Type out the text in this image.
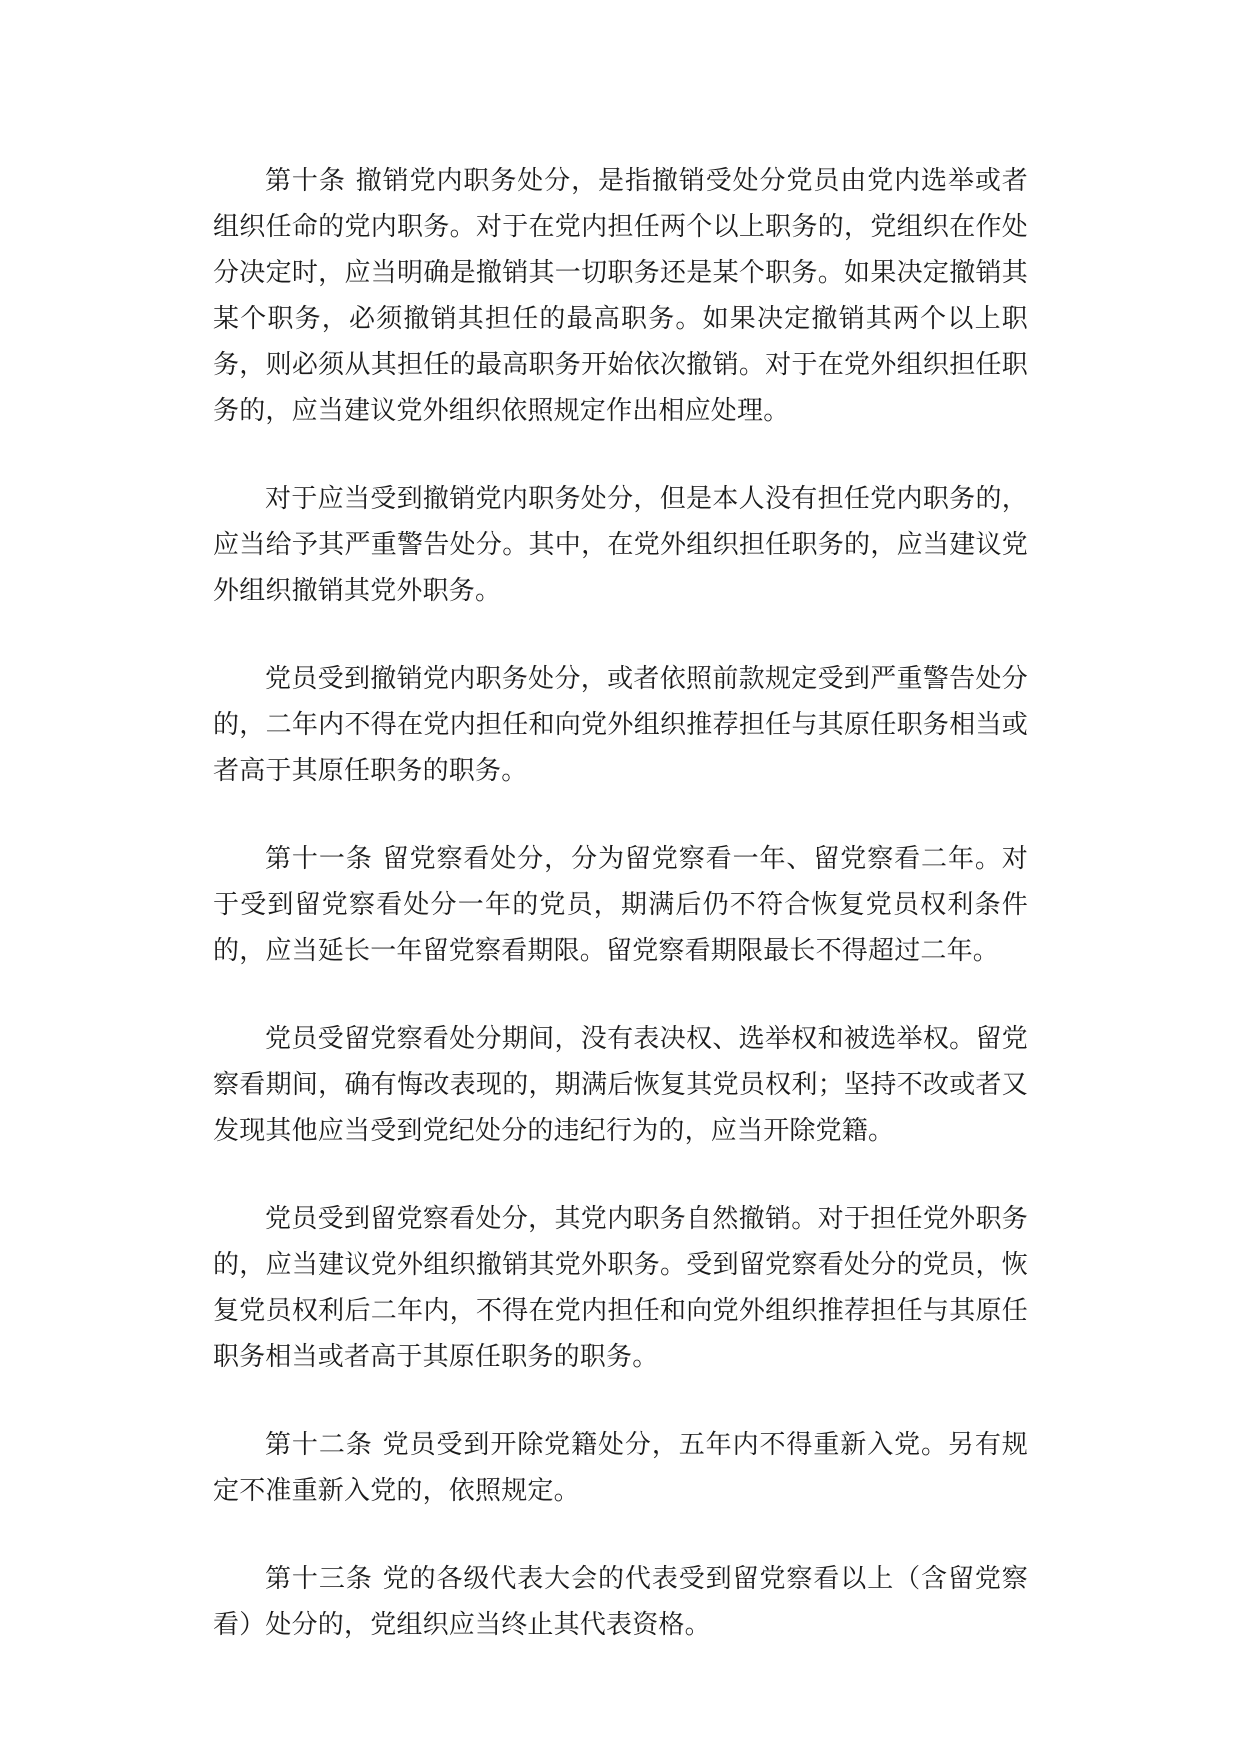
第十条 撤销党内职务处分，是指撤销受处分党员由党内选举或者组织任命的党内职务。对于在党内担任两个以上职务的，党组织在作处分决定时，应当明确是撤销其一切职务还是某个职务。如果决定撤销其某个职务，必须撤销其担任的最高职务。如果决定撤销其两个以上职务，则必须从其担任的最高职务开始依次撤销。对于在党外组织担任职务的，应当建议党外组织依照规定作出相应处理。

对于应当受到撤销党内职务处分，但是本人没有担任党内职务的，应当给予其严重警告处分。其中，在党外组织担任职务的，应当建议党外组织撤销其党外职务。

党员受到撤销党内职务处分，或者依照前款规定受到严重警告处分的，二年内不得在党内担任和向党外组织推荐担任与其原任职务相当或者高于其原任职务的职务。

第十一条 留党察看处分，分为留党察看一年、留党察看二年。对于受到留党察看处分一年的党员，期满后仍不符合恢复党员权利条件的，应当延长一年留党察看期限。留党察看期限最长不得超过二年。

党员受留党察看处分期间，没有表决权、选举权和被选举权。留党察看期间，确有悔改表现的，期满后恢复其党员权利；坚持不改或者又发现其他应当受到党纪处分的违纪行为的，应当开除党籍。

党员受到留党察看处分，其党内职务自然撤销。对于担任党外职务的，应当建议党外组织撤销其党外职务。受到留党察看处分的党员，恢复党员权利后二年内，不得在党内担任和向党外组织推荐担任与其原任职务相当或者高于其原任职务的职务。

第十二条 党员受到开除党籍处分，五年内不得重新入党。另有规定不准重新入党的，依照规定。

第十三条 党的各级代表大会的代表受到留党察看以上（含留党察看）处分的，党组织应当终止其代表资格。
